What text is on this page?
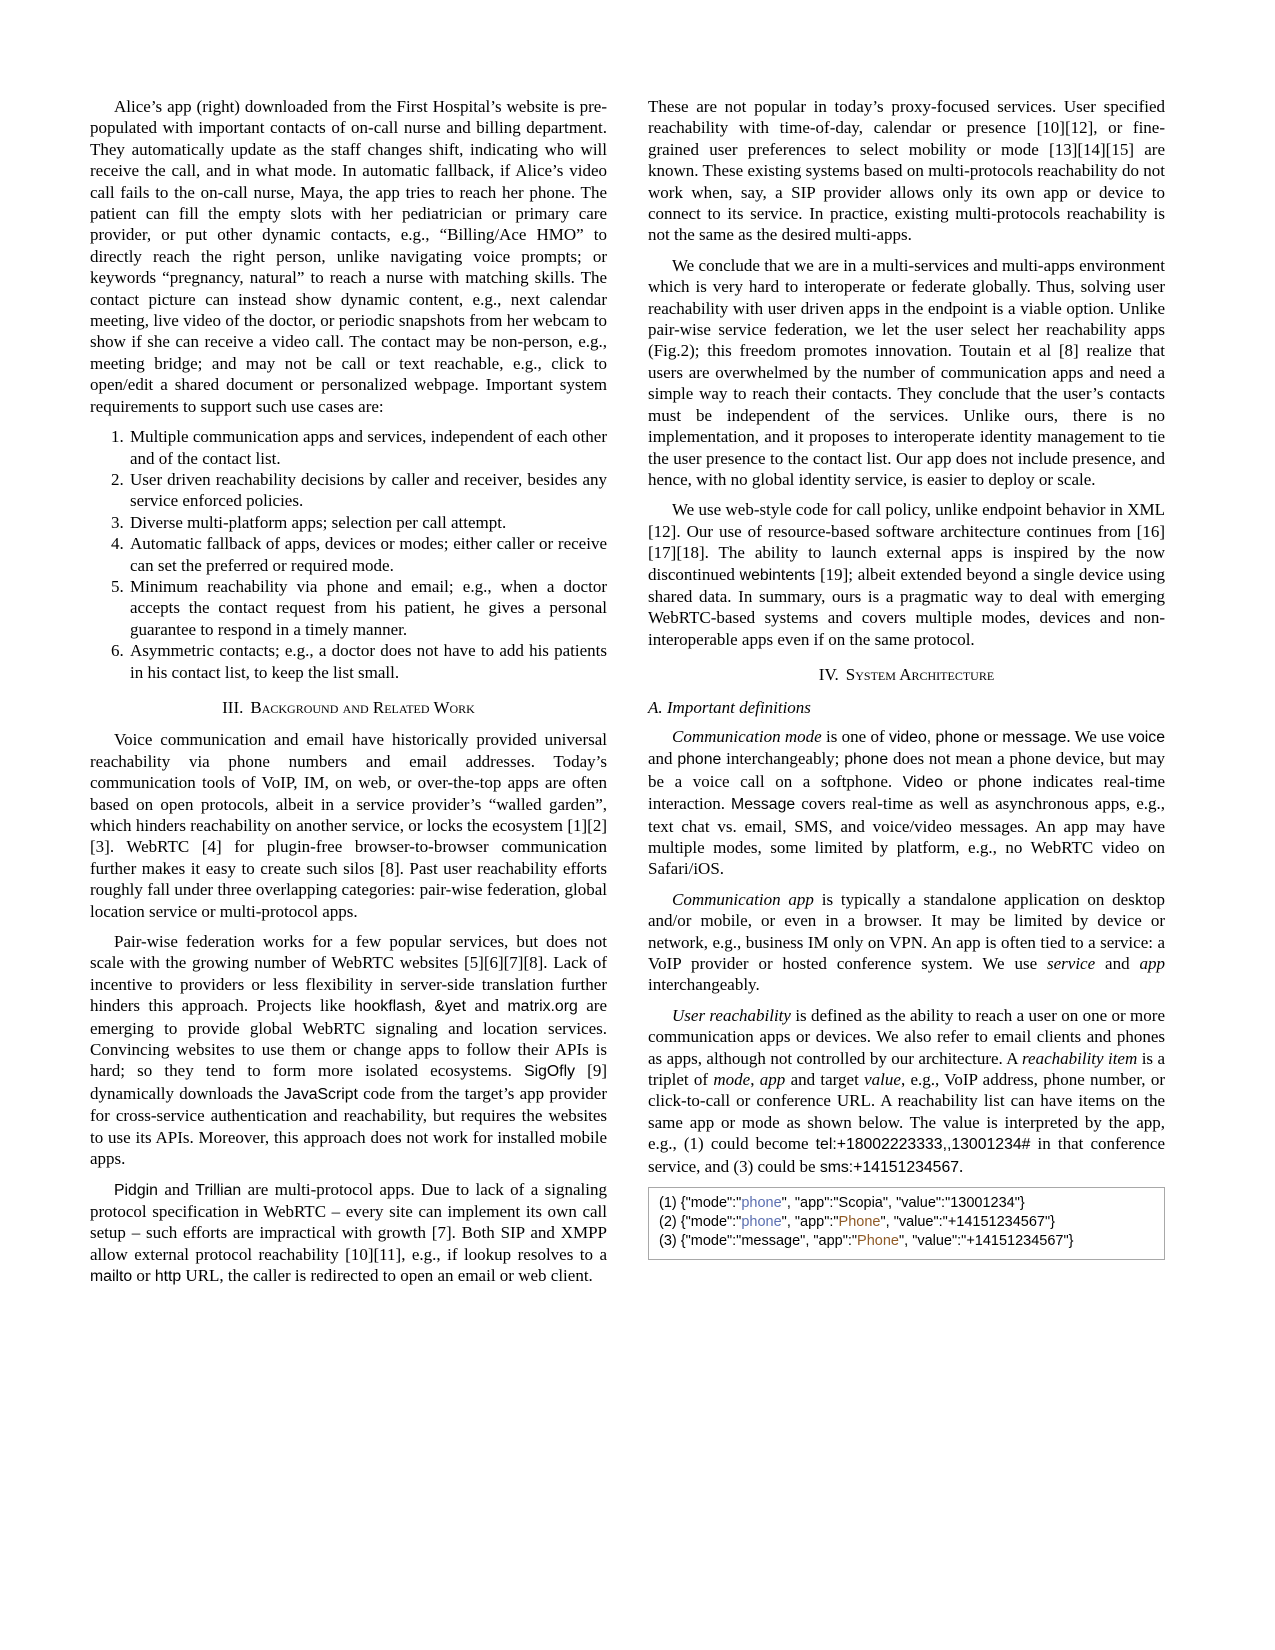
Alice’s app (right) downloaded from the First Hospital’s website is pre-populated with important contacts of on-call nurse and billing department. They automatically update as the staff changes shift, indicating who will receive the call, and in what mode. In automatic fallback, if Alice’s video call fails to the on-call nurse, Maya, the app tries to reach her phone. The patient can fill the empty slots with her pediatrician or primary care provider, or put other dynamic contacts, e.g., “Billing/Ace HMO” to directly reach the right person, unlike navigating voice prompts; or keywords “pregnancy, natural” to reach a nurse with matching skills. The contact picture can instead show dynamic content, e.g., next calendar meeting, live video of the doctor, or periodic snapshots from her webcam to show if she can receive a video call. The contact may be non-person, e.g., meeting bridge; and may not be call or text reachable, e.g., click to open/edit a shared document or personalized webpage. Important system requirements to support such use cases are:

1. Multiple communication apps and services, independent of each other and of the contact list.
2. User driven reachability decisions by caller and receiver, besides any service enforced policies.
3. Diverse multi-platform apps; selection per call attempt.
4. Automatic fallback of apps, devices or modes; either caller or receive can set the preferred or required mode.
5. Minimum reachability via phone and email; e.g., when a doctor accepts the contact request from his patient, he gives a personal guarantee to respond in a timely manner.
6. Asymmetric contacts; e.g., a doctor does not have to add his patients in his contact list, to keep the list small.
III. Background and Related Work

Voice communication and email have historically provided universal reachability via phone numbers and email addresses. Today’s communication tools of VoIP, IM, on web, or over-the-top apps are often based on open protocols, albeit in a service provider’s “walled garden”, which hinders reachability on another service, or locks the ecosystem [1][2][3]. WebRTC [4] for plugin-free browser-to-browser communication further makes it easy to create such silos [8]. Past user reachability efforts roughly fall under three overlapping categories: pair-wise federation, global location service or multi-protocol apps.

Pair-wise federation works for a few popular services, but does not scale with the growing number of WebRTC websites [5][6][7][8]. Lack of incentive to providers or less flexibility in server-side translation further hinders this approach. Projects like hookflash, &yet and matrix.org are emerging to provide global WebRTC signaling and location services. Convincing websites to use them or change apps to follow their APIs is hard; so they tend to form more isolated ecosystems. SigOfly [9] dynamically downloads the JavaScript code from the target’s app provider for cross-service authentication and reachability, but requires the websites to use its APIs. Moreover, this approach does not work for installed mobile apps.

Pidgin and Trillian are multi-protocol apps. Due to lack of a signaling protocol specification in WebRTC – every site can implement its own call setup – such efforts are impractical with growth [7]. Both SIP and XMPP allow external protocol reachability [10][11], e.g., if lookup resolves to a mailto or http URL, the caller is redirected to open an email or web client.

These are not popular in today’s proxy-focused services. User specified reachability with time-of-day, calendar or presence [10][12], or fine-grained user preferences to select mobility or mode [13][14][15] are known. These existing systems based on multi-protocols reachability do not work when, say, a SIP provider allows only its own app or device to connect to its service. In practice, existing multi-protocols reachability is not the same as the desired multi-apps.

We conclude that we are in a multi-services and multi-apps environment which is very hard to interoperate or federate globally. Thus, solving user reachability with user driven apps in the endpoint is a viable option. Unlike pair-wise service federation, we let the user select her reachability apps (Fig.2); this freedom promotes innovation. Toutain et al [8] realize that users are overwhelmed by the number of communication apps and need a simple way to reach their contacts. They conclude that the user’s contacts must be independent of the services. Unlike ours, there is no implementation, and it proposes to interoperate identity management to tie the user presence to the contact list. Our app does not include presence, and hence, with no global identity service, is easier to deploy or scale.

We use web-style code for call policy, unlike endpoint behavior in XML [12]. Our use of resource-based software architecture continues from [16][17][18]. The ability to launch external apps is inspired by the now discontinued webintents [19]; albeit extended beyond a single device using shared data. In summary, ours is a pragmatic way to deal with emerging WebRTC-based systems and covers multiple modes, devices and non-interoperable apps even if on the same protocol.

IV. System Architecture
A. Important definitions

Communication mode is one of video, phone or message. We use voice and phone interchangeably; phone does not mean a phone device, but may be a voice call on a softphone. Video or phone indicates real-time interaction. Message covers real-time as well as asynchronous apps, e.g., text chat vs. email, SMS, and voice/video messages. An app may have multiple modes, some limited by platform, e.g., no WebRTC video on Safari/iOS.

Communication app is typically a standalone application on desktop and/or mobile, or even in a browser. It may be limited by device or network, e.g., business IM only on VPN. An app is often tied to a service: a VoIP provider or hosted conference system. We use service and app interchangeably.

User reachability is defined as the ability to reach a user on one or more communication apps or devices. We also refer to email clients and phones as apps, although not controlled by our architecture. A reachability item is a triplet of mode, app and target value, e.g., VoIP address, phone number, or click-to-call or conference URL. A reachability list can have items on the same app or mode as shown below. The value is interpreted by the app, e.g., (1) could become tel:+18002223333,,13001234# in that conference service, and (3) could be sms:+14151234567.

(1) {"mode":"phone", "app":"Scopia", "value":"13001234"}
(2) {"mode":"phone", "app":"Phone", "value":"+14151234567"}
(3) {"mode":"message", "app":"Phone", "value":"+14151234567"}
